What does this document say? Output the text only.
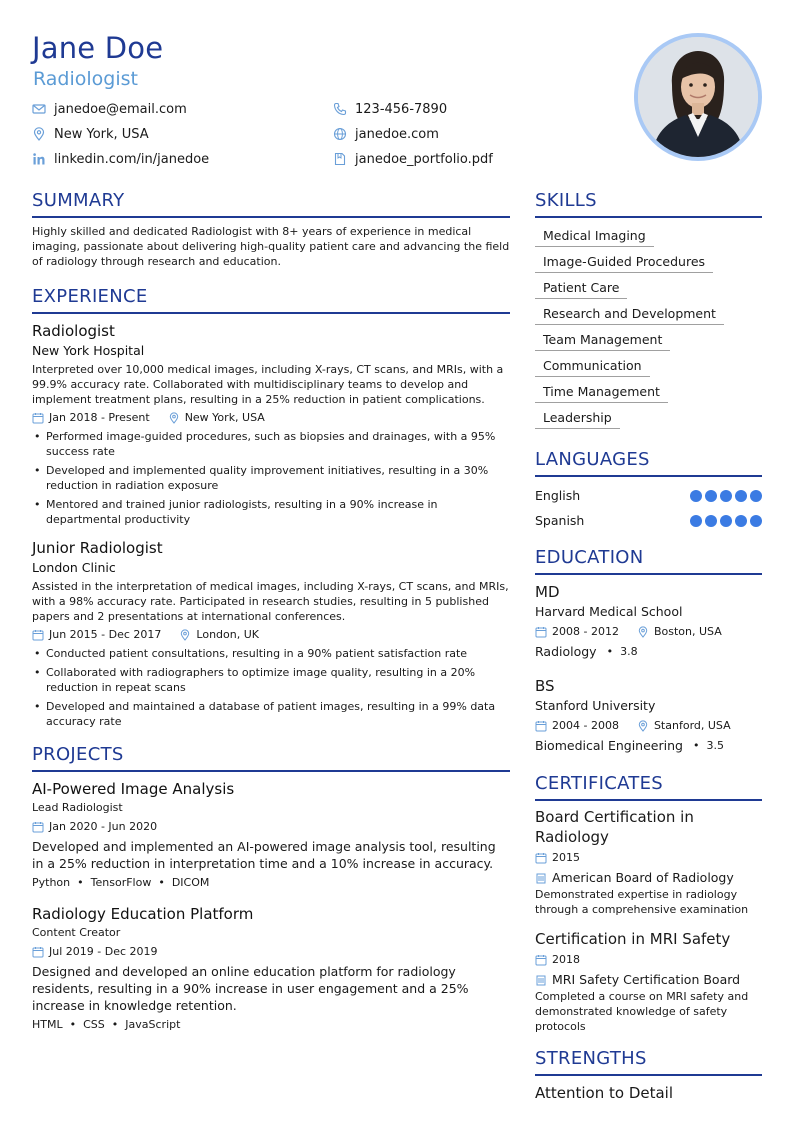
Jane Doe
Radiologist
janedoe@email.com	123-456-7890
New York, USA	janedoe.com
linkedin.com/in/janedoe	janedoe_portfolio.pdf
SUMMARY
Highly skilled and dedicated Radiologist with 8+ years of experience in medical imaging, passionate about delivering high-quality patient care and advancing the field of radiology through research and education.
EXPERIENCE
Radiologist
New York Hospital
Interpreted over 10,000 medical images, including X-rays, CT scans, and MRIs, with a 99.9% accuracy rate. Collaborated with multidisciplinary teams to develop and implement treatment plans, resulting in a 25% reduction in patient complications.
Jan 2018 - Present	New York, USA
• Performed image-guided procedures, such as biopsies and drainages, with a 95% success rate
• Developed and implemented quality improvement initiatives, resulting in a 30% reduction in radiation exposure
• Mentored and trained junior radiologists, resulting in a 90% increase in departmental productivity
Junior Radiologist
London Clinic
Assisted in the interpretation of medical images, including X-rays, CT scans, and MRIs, with a 98% accuracy rate. Participated in research studies, resulting in 5 published papers and 2 presentations at international conferences.
Jun 2015 - Dec 2017	London, UK
• Conducted patient consultations, resulting in a 90% patient satisfaction rate
• Collaborated with radiographers to optimize image quality, resulting in a 20% reduction in repeat scans
• Developed and maintained a database of patient images, resulting in a 99% data accuracy rate
PROJECTS
AI-Powered Image Analysis
Lead Radiologist
Jan 2020 - Jun 2020
Developed and implemented an AI-powered image analysis tool, resulting in a 25% reduction in interpretation time and a 10% increase in accuracy.
Python • TensorFlow • DICOM
Radiology Education Platform
Content Creator
Jul 2019 - Dec 2019
Designed and developed an online education platform for radiology residents, resulting in a 90% increase in user engagement and a 25% increase in knowledge retention.
HTML • CSS • JavaScript
SKILLS
Medical Imaging
Image-Guided Procedures
Patient Care
Research and Development
Team Management
Communication
Time Management
Leadership
LANGUAGES
English
Spanish
EDUCATION
MD
Harvard Medical School
2008 - 2012	Boston, USA
Radiology • 3.8
BS
Stanford University
2004 - 2008	Stanford, USA
Biomedical Engineering • 3.5
CERTIFICATES
Board Certification in Radiology
2015
American Board of Radiology
Demonstrated expertise in radiology through a comprehensive examination
Certification in MRI Safety
2018
MRI Safety Certification Board
Completed a course on MRI safety and demonstrated knowledge of safety protocols
STRENGTHS
Attention to Detail
